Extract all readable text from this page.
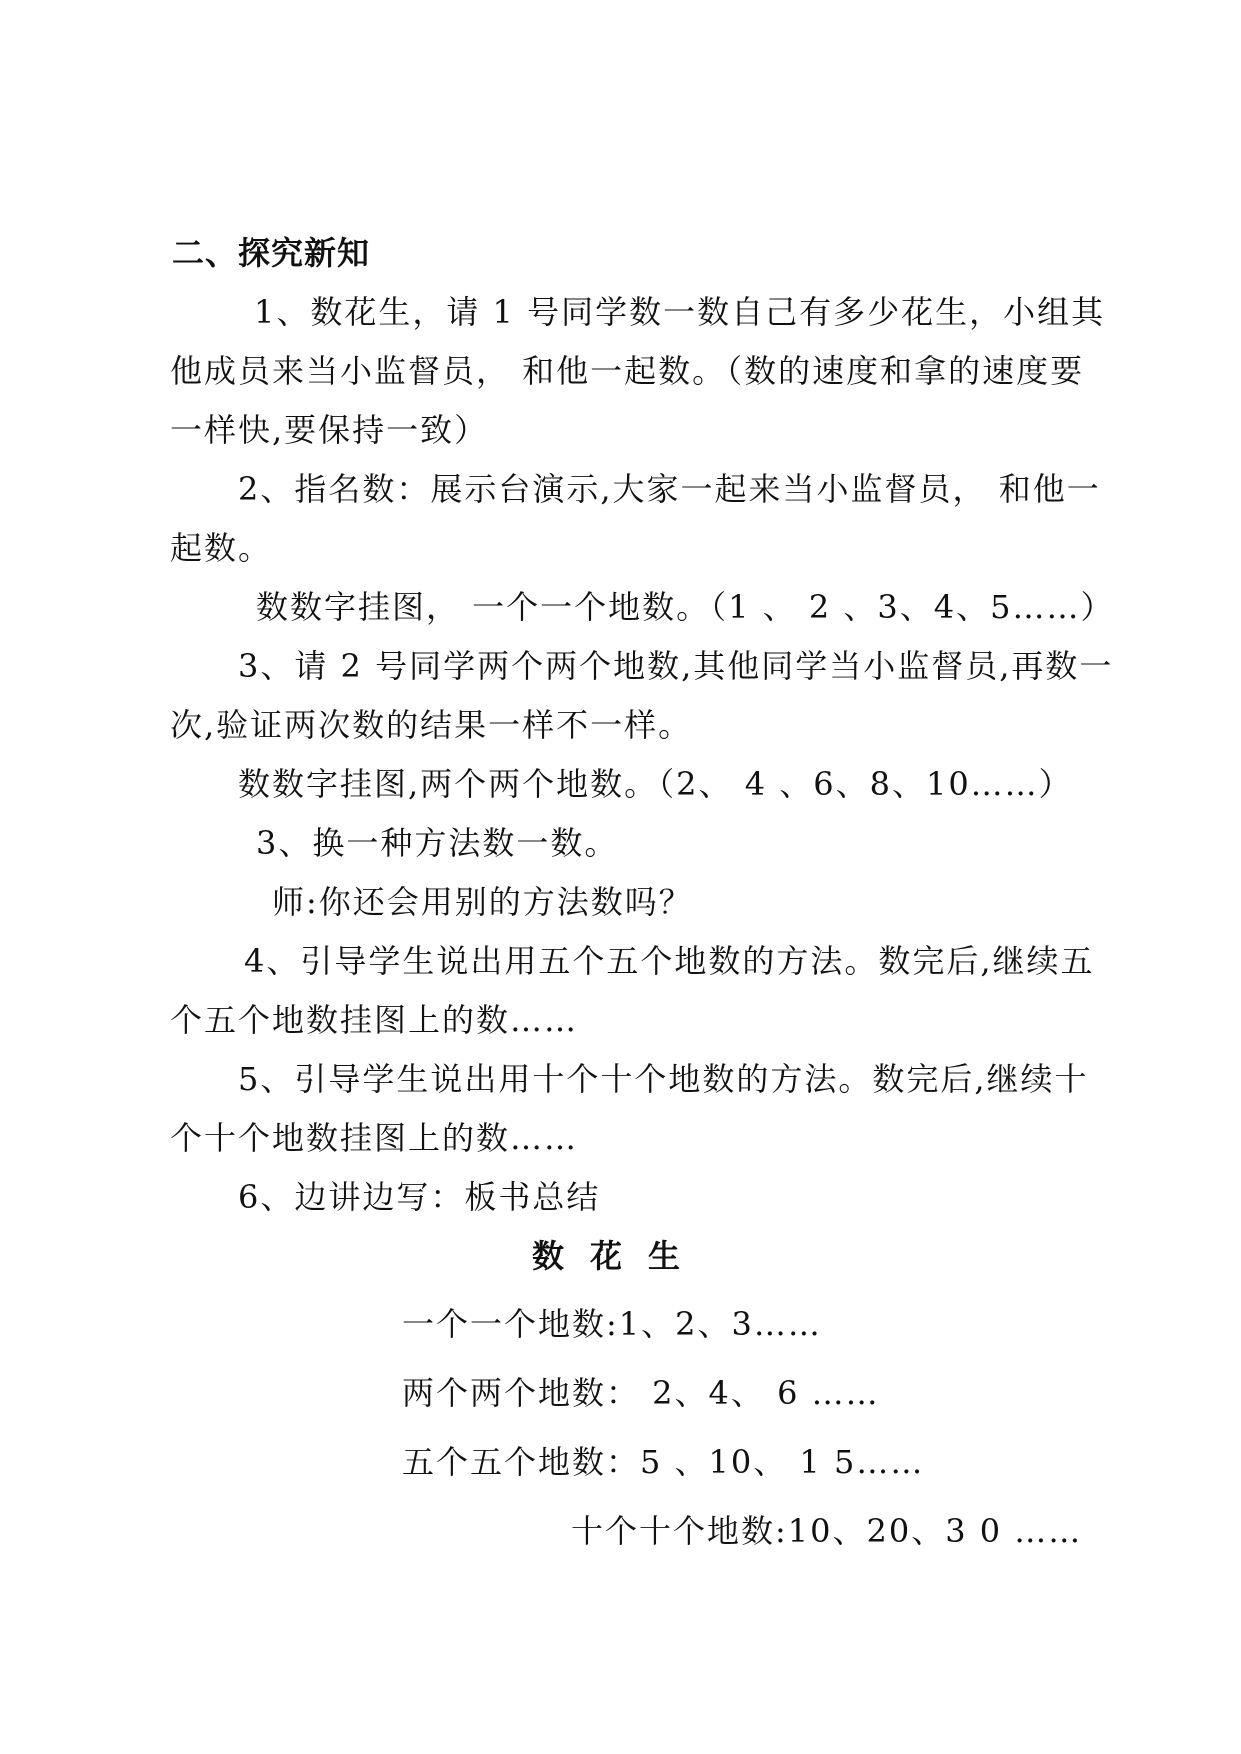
二、探究新知

1、数花生，请 1 号同学数一数自己有多少花生，小组其

他成员来当小监督员， 和他一起数。（数的速度和拿的速度要

一样快,要保持一致）

2、指名数：展示台演示,大家一起来当小监督员， 和他一

起数。

数数字挂图， 一个一个地数。（1 、 2 、3、4、5……）

3、请 2 号同学两个两个地数,其他同学当小监督员,再数一

次,验证两次数的结果一样不一样。

数数字挂图,两个两个地数。（2、 4 、6、8、10……）

3、换一种方法数一数。

师:你还会用别的方法数吗？

4、引导学生说出用五个五个地数的方法。数完后,继续五

个五个地数挂图上的数……

5、引导学生说出用十个十个地数的方法。数完后,继续十

个十个地数挂图上的数……

6、边讲边写：板书总结

数花生

一个一个地数:1、2、3……

两个两个地数： 2、4、 6 ……

五个五个地数：5 、10、 1 5……

十个十个地数:10、20、3 0 ……
